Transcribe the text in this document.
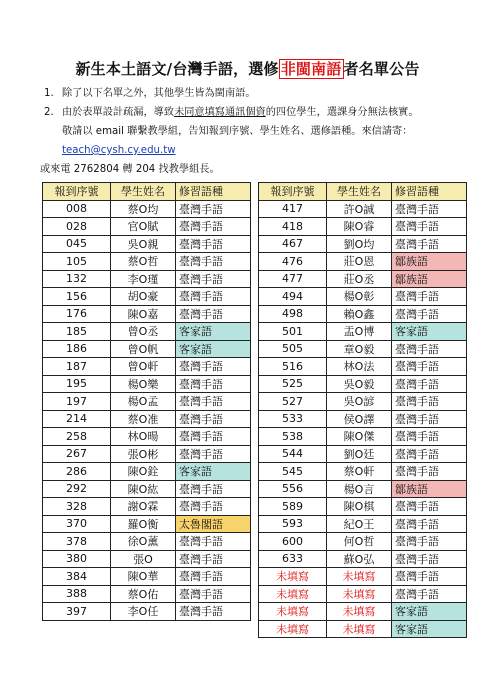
新生本土語文/台灣手語，選修 非閩南語 者名單公告
1. 除了以下名單之外，其他學生皆為閩南語。
2. 由於表單設計疏漏，導致未同意填寫通訊個資的四位學生，選課身分無法核實。
敬請以 email 聯繫教學組，告知報到序號、學生姓名、選修語種。來信請寄：
teach@cysh.cy.edu.tw
或來電 2762804 轉 204 找教學組長。
報到序號	學生姓名	修習語種		報到序號	學生姓名	修習語種
008	蔡O均	臺灣手語		417	許O誠	臺灣手語
028	官O賦	臺灣手語		418	陳O睿	臺灣手語
045	吳O親	臺灣手語		467	劉O均	臺灣手語
105	蔡O哲	臺灣手語		476	莊O恩	鄒族語
132	李O瑾	臺灣手語		477	莊O丞	鄒族語
156	胡O豪	臺灣手語		494	楊O彰	臺灣手語
176	陳O嘉	臺灣手語		498	賴O鑫	臺灣手語
185	曾O丞	客家語		501	盂O博	客家語
186	曾O帆	客家語		505	章O毅	臺灣手語
187	曾O軒	臺灣手語		516	林O法	臺灣手語
195	楊O樂	臺灣手語		525	吳O毅	臺灣手語
197	楊O孟	臺灣手語		527	吳O諺	臺灣手語
214	蔡O准	臺灣手語		533	侯O譯	臺灣手語
258	林O暘	臺灣手語		538	陳O傑	臺灣手語
267	張O彬	臺灣手語		544	劉O廷	臺灣手語
286	陳O銓	客家語		545	蔡O軒	臺灣手語
292	陳O紘	臺灣手語		556	楊O言	鄒族語
328	謝O霖	臺灣手語		589	陳O棋	臺灣手語
370	羅O衡	太魯閣語		593	紀O王	臺灣手語
378	徐O薰	臺灣手語		600	何O哲	臺灣手語
380	張O	臺灣手語		633	蘇O弘	臺灣手語
384	陳O華	臺灣手語		未填寫	未填寫	臺灣手語
388	蔡O佑	臺灣手語		未填寫	未填寫	臺灣手語
397	李O任	臺灣手語		未填寫	未填寫	客家語
				未填寫	未填寫	客家語
